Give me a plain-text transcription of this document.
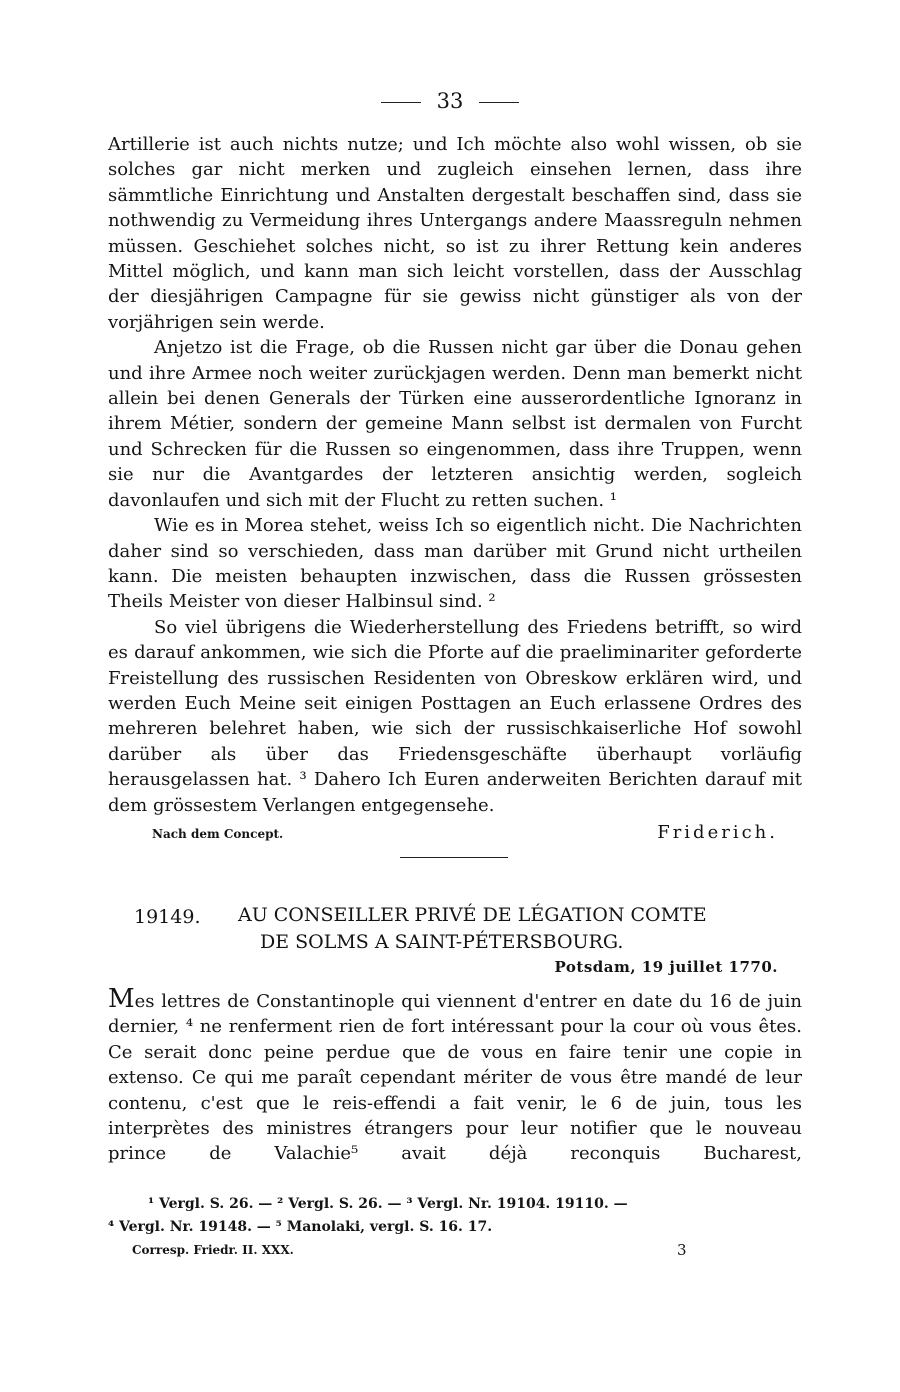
33

Artillerie ist auch nichts nutze; und Ich möchte also wohl wissen, ob sie solches gar nicht merken und zugleich einsehen lernen, dass ihre sämmtliche Einrichtung und Anstalten dergestalt beschaffen sind, dass sie nothwendig zu Vermeidung ihres Untergangs andere Maassreguln nehmen müssen. Geschiehet solches nicht, so ist zu ihrer Rettung kein anderes Mittel möglich, und kann man sich leicht vorstellen, dass der Ausschlag der diesjährigen Campagne für sie gewiss nicht günstiger als von der vorjährigen sein werde.

Anjetzo ist die Frage, ob die Russen nicht gar über die Donau gehen und ihre Armee noch weiter zurückjagen werden. Denn man bemerkt nicht allein bei denen Generals der Türken eine ausserordentliche Ignoranz in ihrem Métier, sondern der gemeine Mann selbst ist dermalen von Furcht und Schrecken für die Russen so eingenommen, dass ihre Truppen, wenn sie nur die Avantgardes der letzteren ansichtig werden, sogleich davonlaufen und sich mit der Flucht zu retten suchen. ¹

Wie es in Morea stehet, weiss Ich so eigentlich nicht. Die Nachrichten daher sind so verschieden, dass man darüber mit Grund nicht urtheilen kann. Die meisten behaupten inzwischen, dass die Russen grössesten Theils Meister von dieser Halbinsul sind. ²

So viel übrigens die Wiederherstellung des Friedens betrifft, so wird es darauf ankommen, wie sich die Pforte auf die praeliminariter geforderte Freistellung des russischen Residenten von Obreskow erklären wird, und werden Euch Meine seit einigen Posttagen an Euch erlassene Ordres des mehreren belehret haben, wie sich der russischkaiserliche Hof sowohl darüber als über das Friedensgeschäfte überhaupt vorläufig herausgelassen hat. ³ Dahero Ich Euren anderweiten Berichten darauf mit dem grössestem Verlangen entgegensehe.

Nach dem Concept.	Friderich.
19149. AU CONSEILLER PRIVÉ DE LÉGATION COMTE
DE SOLMS A SAINT-PÉTERSBOURG.
Potsdam, 19 juillet 1770.

Mes lettres de Constantinople qui viennent d'entrer en date du 16 de juin dernier, ⁴ ne renferment rien de fort intéressant pour la cour où vous êtes. Ce serait donc peine perdue que de vous en faire tenir une copie in extenso. Ce qui me paraît cependant mériter de vous être mandé de leur contenu, c'est que le reis-effendi a fait venir, le 6 de juin, tous les interprètes des ministres étrangers pour leur notifier que le nouveau prince de Valachie⁵ avait déjà reconquis Bucharest,

¹ Vergl. S. 26. — ² Vergl. S. 26. — ³ Vergl. Nr. 19104. 19110. —
⁴ Vergl. Nr. 19148. — ⁵ Manolaki, vergl. S. 16. 17.
Corresp. Friedr. II. XXX.	3
